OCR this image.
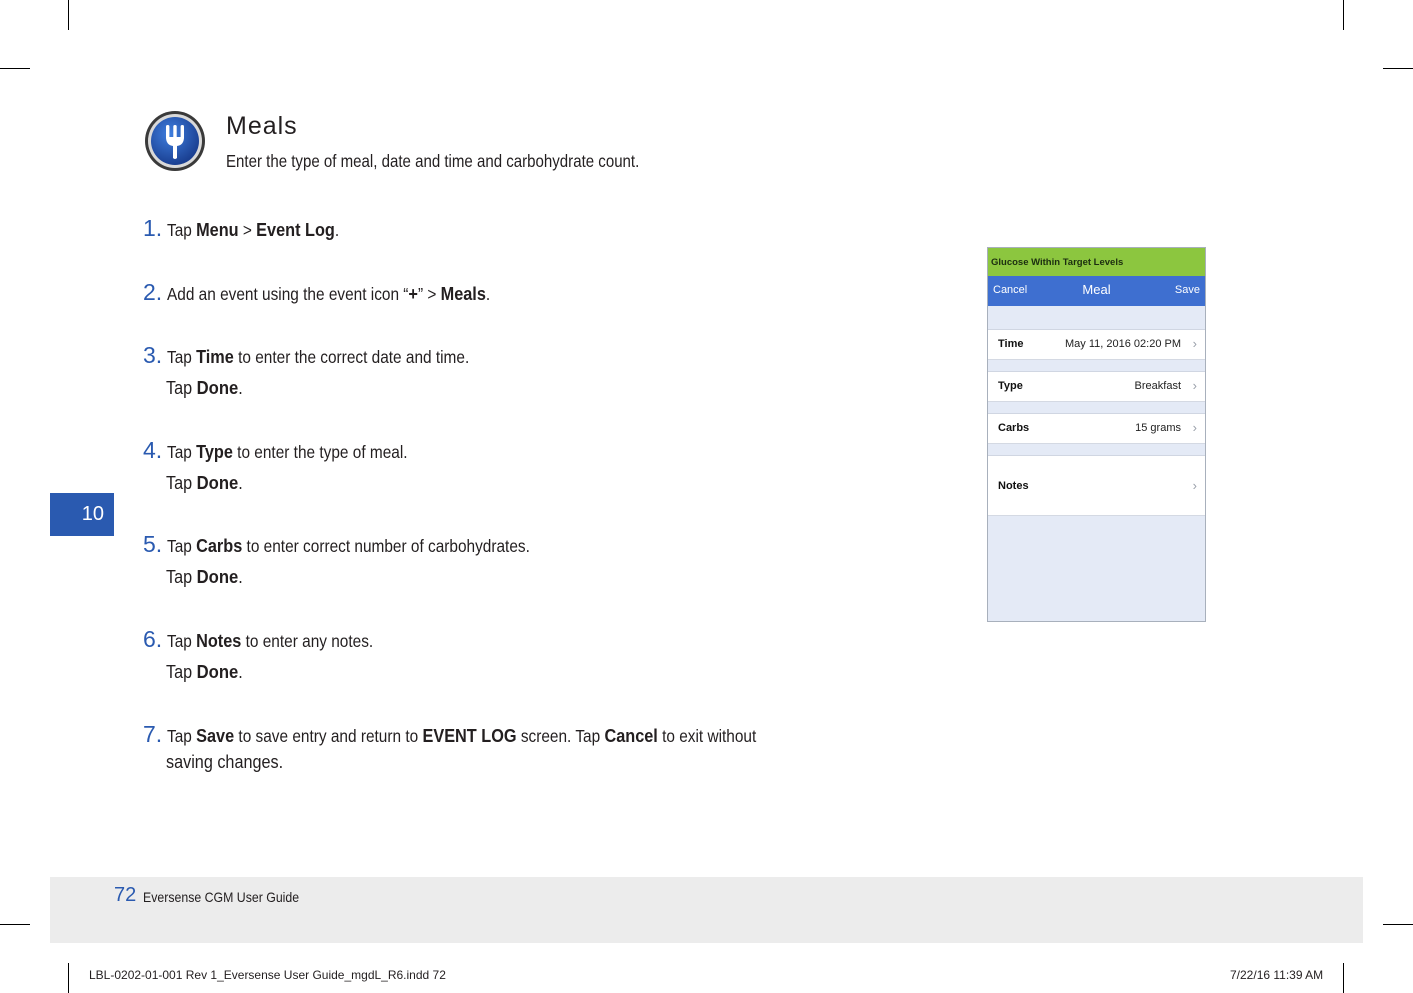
Meals
Enter the type of meal, date and time and carbohydrate count.
1. Tap Menu > Event Log.
2. Add an event using the event icon “+” > Meals.
3. Tap Time to enter the correct date and time.
Tap Done.
4. Tap Type to enter the type of meal.
Tap Done.
5. Tap Carbs to enter correct number of carbohydrates.
Tap Done.
6. Tap Notes to enter any notes.
Tap Done.
7. Tap Save to save entry and return to EVENT LOG screen. Tap Cancel to exit without
saving changes.
10
Glucose Within Target Levels
Cancel	Meal	Save
Time	May 11, 2016 02:20 PM ›
Type	Breakfast ›
Carbs	15 grams ›
Notes	›
72 Eversense CGM User Guide
LBL-0202-01-001 Rev 1_Eversense User Guide_mgdL_R6.indd 72	7/22/16 11:39 AM
